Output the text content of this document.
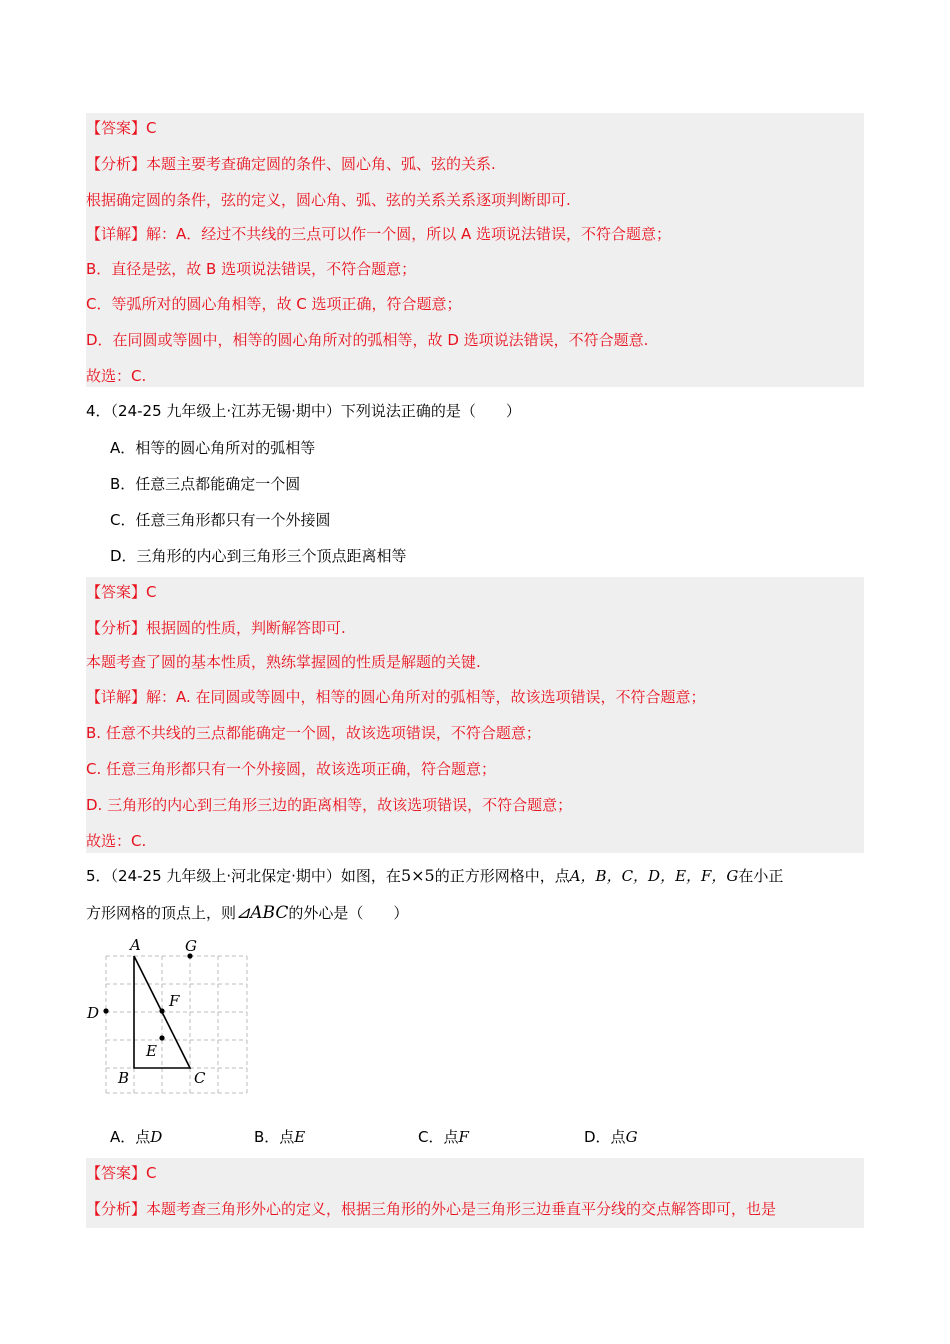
【答案】C
【分析】本题主要考查确定圆的条件、圆心角、弧、弦的关系.
根据确定圆的条件，弦的定义，圆心角、弧、弦的关系关系逐项判断即可.
【详解】解：A．经过不共线的三点可以作一个圆，所以 A 选项说法错误，不符合题意；
B．直径是弦，故 B 选项说法错误，不符合题意；
C．等弧所对的圆心角相等，故 C 选项正确，符合题意；
D．在同圆或等圆中，相等的圆心角所对的弧相等，故 D 选项说法错误，不符合题意.
故选：C.
4．（24-25 九年级上·江苏无锡·期中）下列说法正确的是（　　）
A．相等的圆心角所对的弧相等
B．任意三点都能确定一个圆
C．任意三角形都只有一个外接圆
D．三角形的内心到三角形三个顶点距离相等
【答案】C
【分析】根据圆的性质，判断解答即可.
本题考查了圆的基本性质，熟练掌握圆的性质是解题的关键.
【详解】解：A. 在同圆或等圆中，相等的圆心角所对的弧相等，故该选项错误，不符合题意；
B. 任意不共线的三点都能确定一个圆，故该选项错误，不符合题意；
C. 任意三角形都只有一个外接圆，故该选项正确，符合题意；
D. 三角形的内心到三角形三边的距离相等，故该选项错误，不符合题意；
故选：C.
5．（24-25 九年级上·河北保定·期中）如图，在5×5的正方形网格中，点A，B，C，D，E，F，G在小正
方形网格的顶点上，则⊿ABC的外心是（　　）
A	G
F
D
E
B	C
A．点D	B．点E	C．点F	D．点G
【答案】C
【分析】本题考查三角形外心的定义，根据三角形的外心是三角形三边垂直平分线的交点解答即可，也是
